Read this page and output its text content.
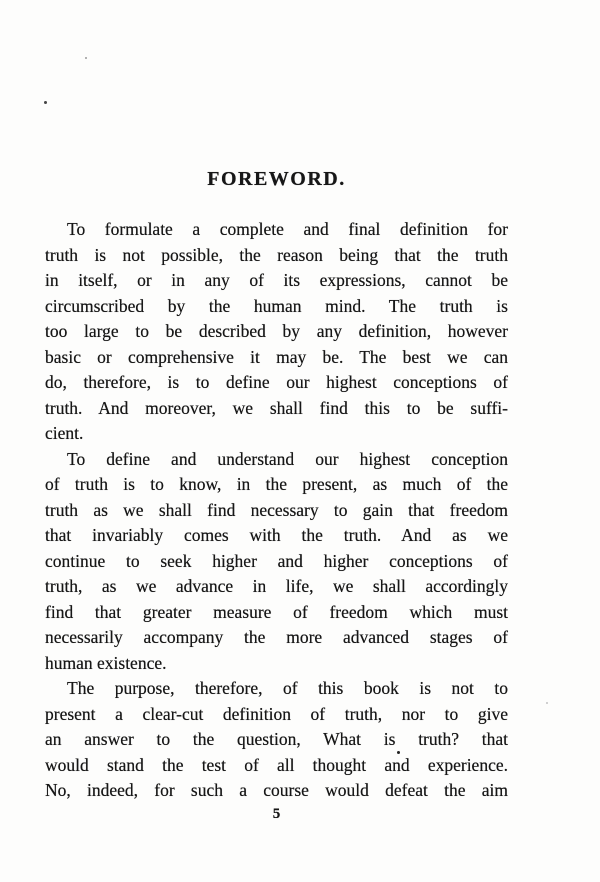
FOREWORD.
To formulate a complete and final definition for
truth is not possible, the reason being that the truth
in itself, or in any of its expressions, cannot be
circumscribed by the human mind. The truth is
too large to be described by any definition, however
basic or comprehensive it may be. The best we can
do, therefore, is to define our highest conceptions of
truth. And moreover, we shall find this to be suffi-
cient.
To define and understand our highest conception
of truth is to know, in the present, as much of the
truth as we shall find necessary to gain that freedom
that invariably comes with the truth. And as we
continue to seek higher and higher conceptions of
truth, as we advance in life, we shall accordingly
find that greater measure of freedom which must
necessarily accompany the more advanced stages of
human existence.
The purpose, therefore, of this book is not to
present a clear-cut definition of truth, nor to give
an answer to the question, What is truth? that
would stand the test of all thought and experience.
No, indeed, for such a course would defeat the aim
5
